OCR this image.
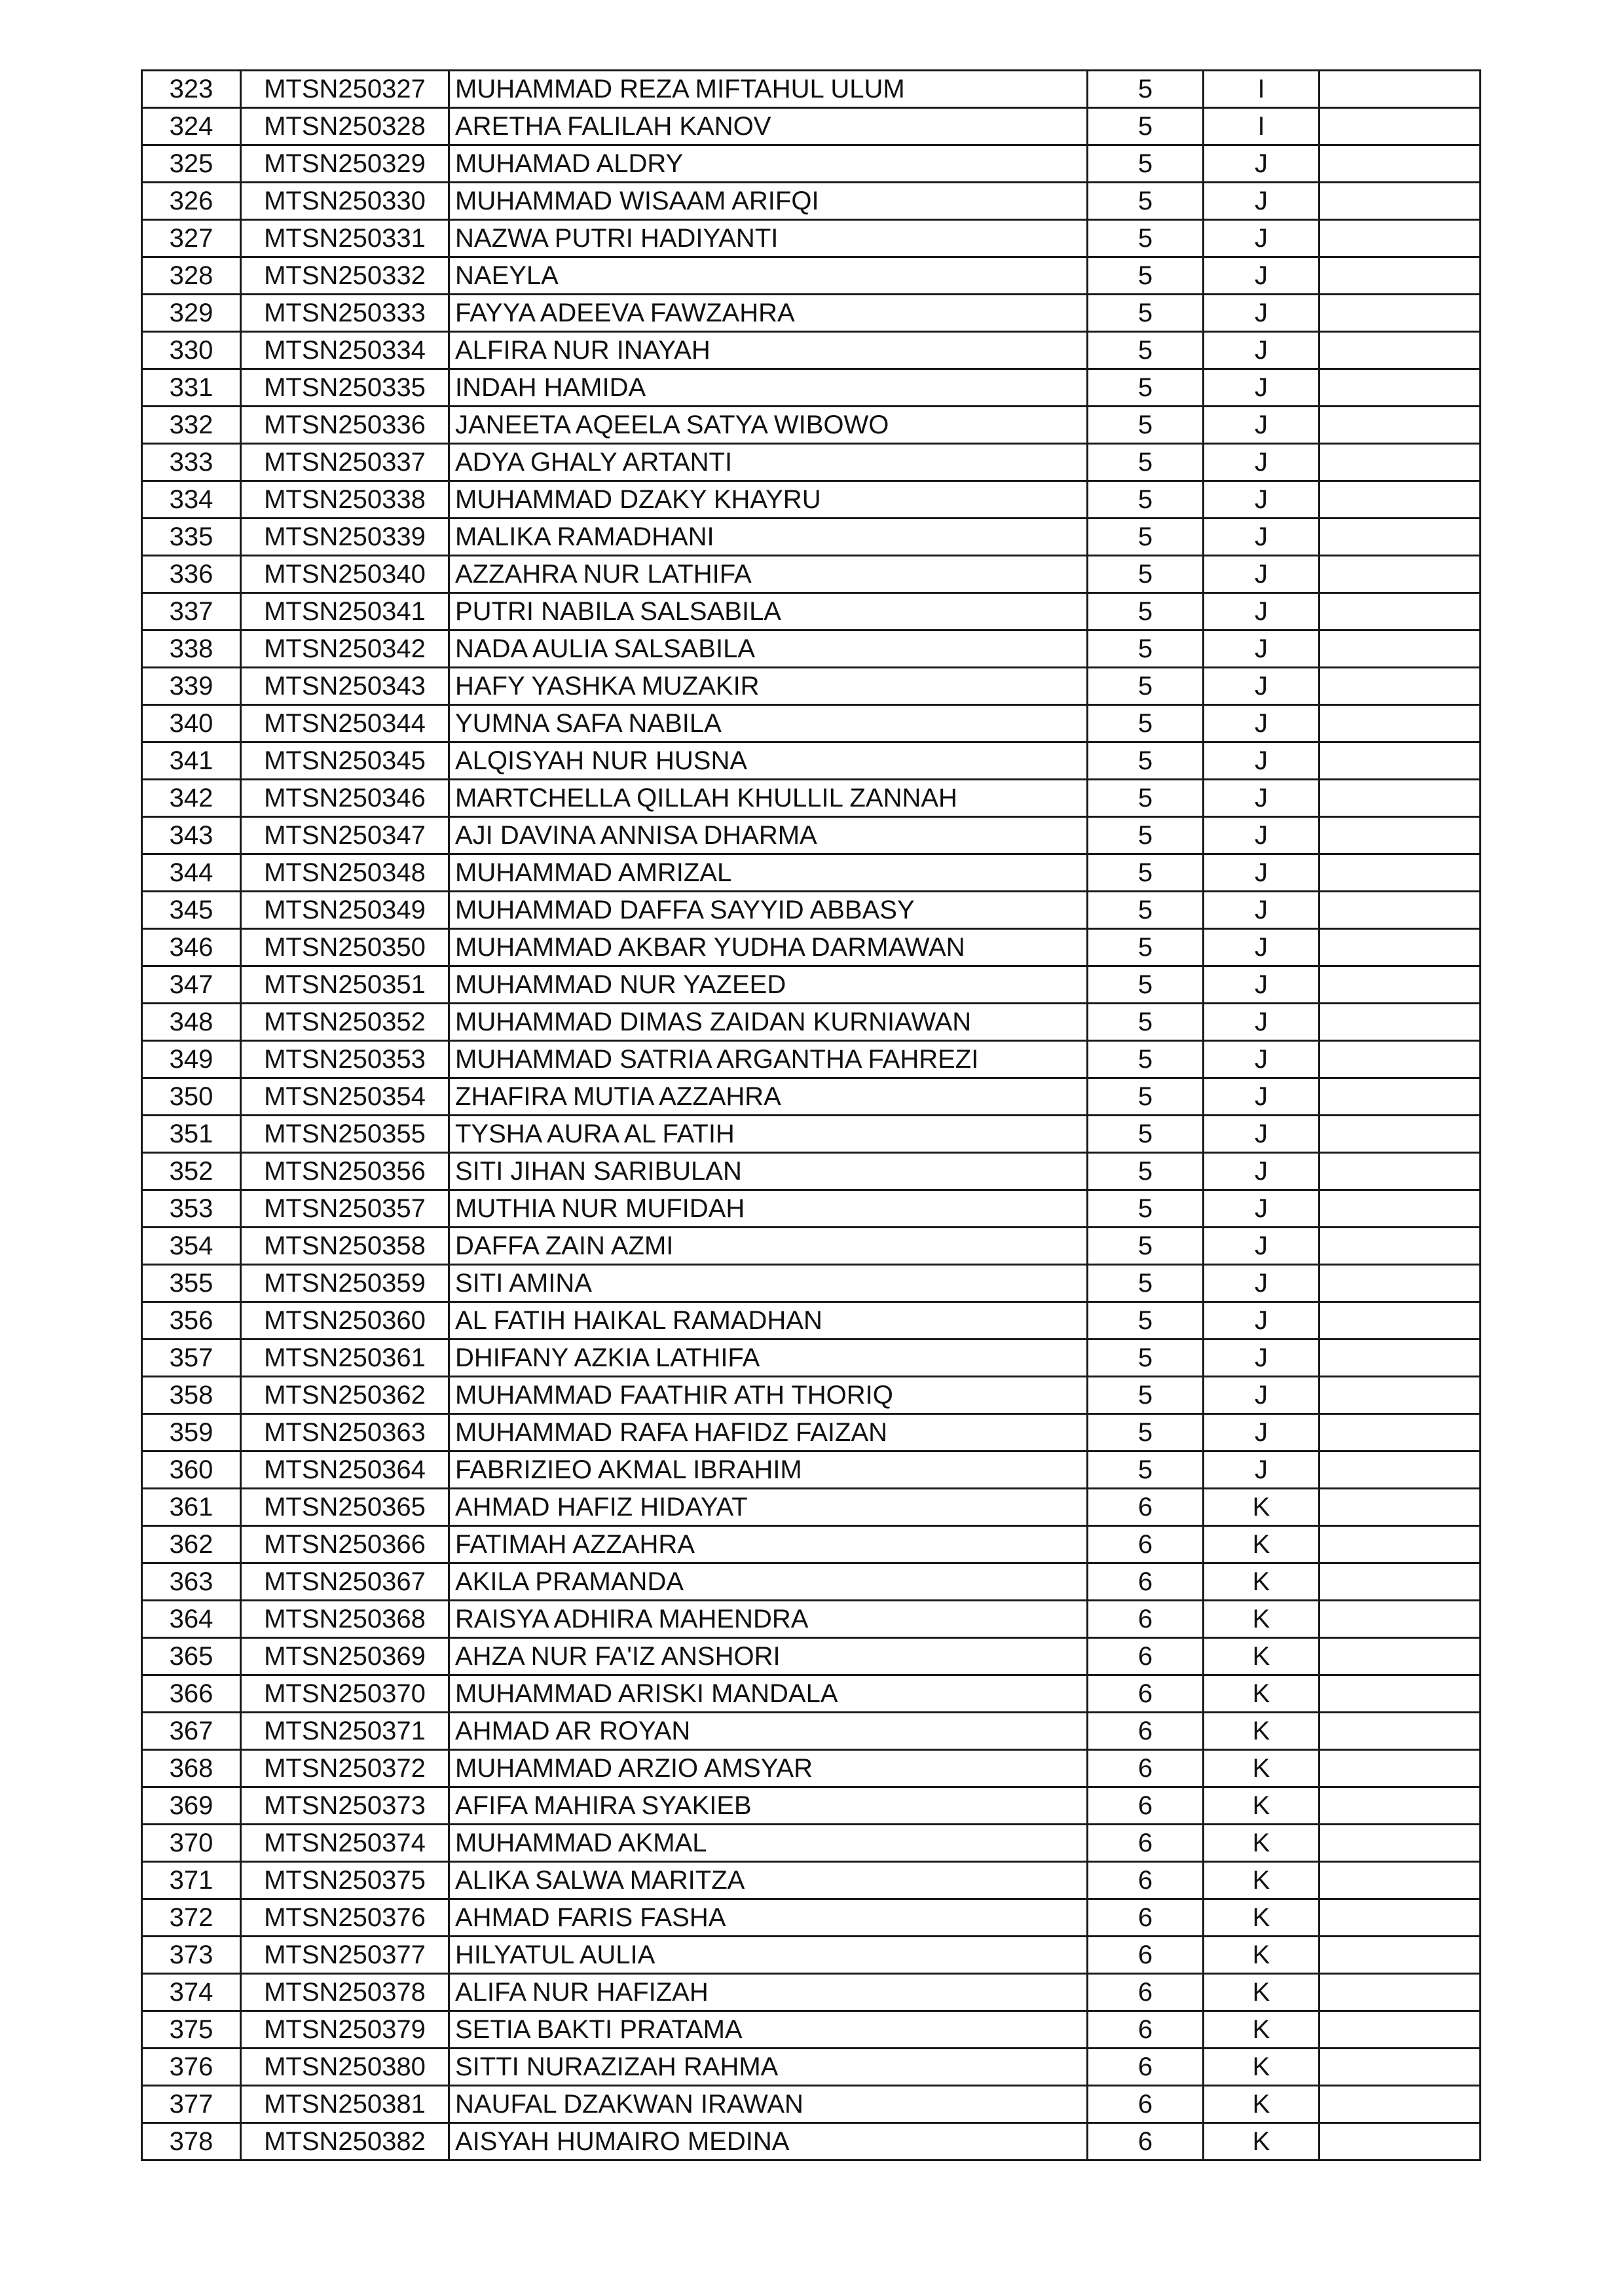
323	MTSN250327	MUHAMMAD REZA MIFTAHUL ULUM	5	I	
324	MTSN250328	ARETHA FALILAH KANOV	5	I	
325	MTSN250329	MUHAMAD ALDRY	5	J	
326	MTSN250330	MUHAMMAD WISAAM ARIFQI	5	J	
327	MTSN250331	NAZWA PUTRI HADIYANTI	5	J	
328	MTSN250332	NAEYLA	5	J	
329	MTSN250333	FAYYA ADEEVA FAWZAHRA	5	J	
330	MTSN250334	ALFIRA NUR INAYAH	5	J	
331	MTSN250335	INDAH HAMIDA	5	J	
332	MTSN250336	JANEETA AQEELA SATYA WIBOWO	5	J	
333	MTSN250337	ADYA GHALY ARTANTI	5	J	
334	MTSN250338	MUHAMMAD DZAKY KHAYRU	5	J	
335	MTSN250339	MALIKA RAMADHANI	5	J	
336	MTSN250340	AZZAHRA NUR LATHIFA	5	J	
337	MTSN250341	PUTRI NABILA SALSABILA	5	J	
338	MTSN250342	NADA AULIA SALSABILA	5	J	
339	MTSN250343	HAFY YASHKA MUZAKIR	5	J	
340	MTSN250344	YUMNA SAFA NABILA	5	J	
341	MTSN250345	ALQISYAH NUR HUSNA	5	J	
342	MTSN250346	MARTCHELLA QILLAH KHULLIL ZANNAH	5	J	
343	MTSN250347	AJI DAVINA ANNISA DHARMA	5	J	
344	MTSN250348	MUHAMMAD AMRIZAL	5	J	
345	MTSN250349	MUHAMMAD DAFFA SAYYID ABBASY	5	J	
346	MTSN250350	MUHAMMAD AKBAR YUDHA DARMAWAN	5	J	
347	MTSN250351	MUHAMMAD NUR YAZEED	5	J	
348	MTSN250352	MUHAMMAD DIMAS ZAIDAN KURNIAWAN	5	J	
349	MTSN250353	MUHAMMAD SATRIA ARGANTHA FAHREZI	5	J	
350	MTSN250354	ZHAFIRA MUTIA AZZAHRA	5	J	
351	MTSN250355	TYSHA AURA AL FATIH	5	J	
352	MTSN250356	SITI JIHAN SARIBULAN	5	J	
353	MTSN250357	MUTHIA NUR MUFIDAH	5	J	
354	MTSN250358	DAFFA ZAIN AZMI	5	J	
355	MTSN250359	SITI AMINA	5	J	
356	MTSN250360	AL FATIH HAIKAL RAMADHAN	5	J	
357	MTSN250361	DHIFANY AZKIA LATHIFA	5	J	
358	MTSN250362	MUHAMMAD FAATHIR ATH THORIQ	5	J	
359	MTSN250363	MUHAMMAD RAFA HAFIDZ FAIZAN	5	J	
360	MTSN250364	FABRIZIEO AKMAL IBRAHIM	5	J	
361	MTSN250365	AHMAD HAFIZ HIDAYAT	6	K	
362	MTSN250366	FATIMAH AZZAHRA	6	K	
363	MTSN250367	AKILA PRAMANDA	6	K	
364	MTSN250368	RAISYA ADHIRA MAHENDRA	6	K	
365	MTSN250369	AHZA NUR FA'IZ ANSHORI	6	K	
366	MTSN250370	MUHAMMAD ARISKI MANDALA	6	K	
367	MTSN250371	AHMAD AR ROYAN	6	K	
368	MTSN250372	MUHAMMAD ARZIO AMSYAR	6	K	
369	MTSN250373	AFIFA MAHIRA SYAKIEB	6	K	
370	MTSN250374	MUHAMMAD AKMAL	6	K	
371	MTSN250375	ALIKA SALWA MARITZA	6	K	
372	MTSN250376	AHMAD FARIS FASHA	6	K	
373	MTSN250377	HILYATUL AULIA	6	K	
374	MTSN250378	ALIFA NUR HAFIZAH	6	K	
375	MTSN250379	SETIA BAKTI PRATAMA	6	K	
376	MTSN250380	SITTI NURAZIZAH RAHMA	6	K	
377	MTSN250381	NAUFAL DZAKWAN IRAWAN	6	K	
378	MTSN250382	AISYAH HUMAIRO MEDINA	6	K	
